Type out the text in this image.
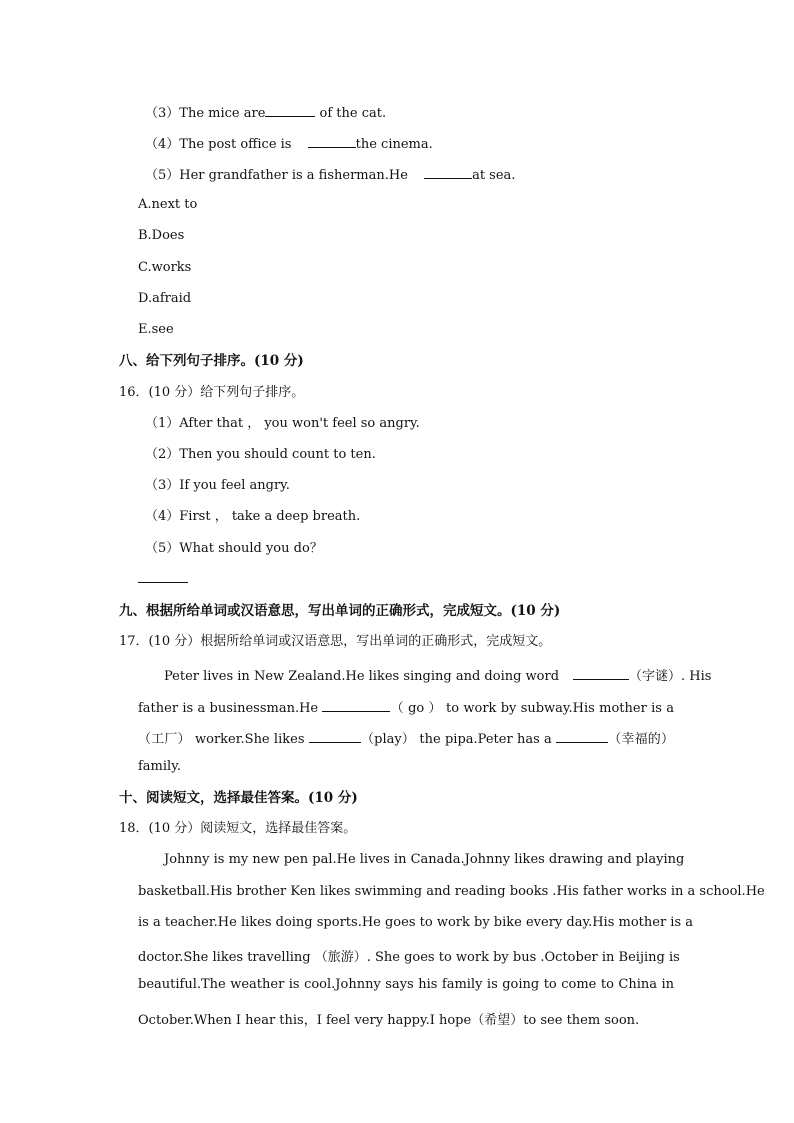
（3）The mice are	of the cat.
（4）The post office is	the cinema.
（5）Her grandfather is a fisherman.He	at sea.
A.next to
B.Does
C.works
D.afraid
E.see
八、给下列句子排序。(10 分)
16．(10 分）给下列句子排序。
（1）After that ， you won't feel so angry.
（2）Then you should count to ten.
（3）If you feel angry.
（4）First ， take a deep breath.
（5）What should you do？
九、根据所给单词或汉语意思，写出单词的正确形式，完成短文。(10 分)
17．(10 分）根据所给单词或汉语意思，写出单词的正确形式，完成短文。
Peter lives in New Zealand.He likes singing and doing word	（字谜）. His
father is a businessman.He	（ go ） to work by subway.His mother is a
（工厂） worker.She likes	（play） the pipa.Peter has a	（幸福的）
family.
十、阅读短文，选择最佳答案。(10 分)
18．(10 分）阅读短文，选择最佳答案。
Johnny is my new pen pal.He lives in Canada.Johnny likes drawing and playing
basketball.His brother Ken likes swimming and reading books .His father works in a school.He
is a teacher.He likes doing sports.He goes to work by bike every day.His mother is a
doctor.She likes travelling （旅游）. She goes to work by bus .October in Beijing is
beautiful.The weather is cool.Johnny says his family is going to come to China in
October.When I hear this，I feel very happy.I hope（希望）to see them soon.
